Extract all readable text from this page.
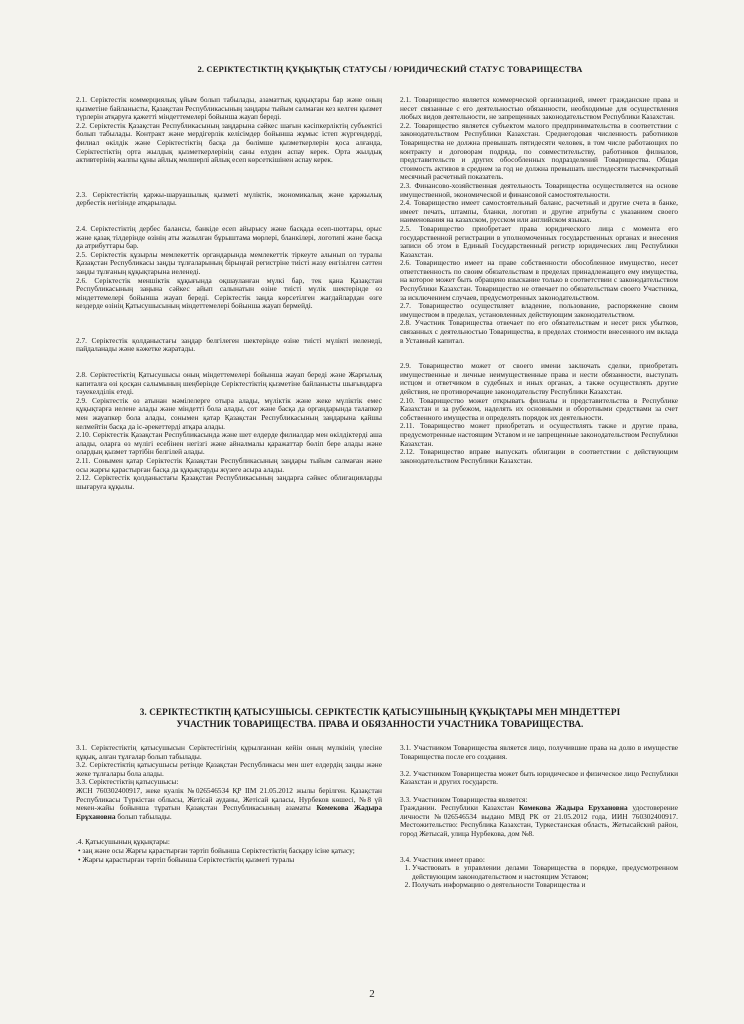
2. СЕРІКТЕСТІКТІҢ ҚҰҚЫҚТЫҚ СТАТУСЫ / ЮРИДИЧЕСКИЙ СТАТУС ТОВАРИЩЕСТВА

2.1. Серіктестік коммерциялық ұйым болып табылады, азаматтық құқықтары бар және оның қызметіне байланысты, Қазақстан Республикасының заңдары тыйым салмаған кез келген қызмет түрлерін атқаруға қажетті міндеттемелері бойынша жауап береді.

2.2. Серіктестік Қазақстан Республикасының заңдарына сәйкес шағын кәсіпкерліктің субъектісі болып табылады. Контракт және мердігерлік келісімдер бойынша жұмыс істеп жүргендерді, филиал өкілдік және Серіктестіктің басқа да бөлімше қызметкерлерін қоса алғанда, Серіктестіктің орта жылдық қызметкерлерінің саны елуден аспау керек. Орта жылдық активтерінің жалпы құны айлық мөлшерлі айлық есеп көрсеткішінен аспау керек.

2.3. Серіктестіктің қаржы-шаруашылық қызметі мүліктік, экономикалық және қаржылық дербестік негізінде атқарылады.

2.4. Серіктестіктің дербес балансы, банкіде есеп айырысу және басқада есеп-шоттары, орыс және қазақ тілдерінде өзінің аты жазылған бұрыштама мөрлері, бланкілері, логотипі және басқа да атрибуттары бар.

2.5. Серіктестік құзырлы мемлекеттік органдарында мемлекеттік тіркеуте алынып ол туралы Қазақстан Республикасы заңды тұлғаларының бірыңғай регистріне тиісті жазу енгізілген сәттен заңды тұлғаның құқықтарына иеленеді.

2.6. Серіктестік меншіктік құқығында оқшауланған мүлкі бар, тек қана Қазақстан Республикасының заңына сәйкес айып салынатын өзіне тиісті мүлік шектерінде өз міндеттемелері бойынша жауап береді. Серіктестік заңда көрсетілген жағдайлардан өзге кездерде өзінің Қатысушысының міндеттемелері бойынша жауап бермейді.

2.7. Серіктестік қолданыстағы заңдар белгілеген шектерінде өзіне тиісті мүлікті иеленеді, пайдаланады және кәжетке жаратады.

2.8. Серіктестіктің Қатысушысы оның міндеттемелері бойынша жауап береді және Жарғылық капиталға өзі қосқан салымының шеңберінде Серіктестіктің қызметіне байланысты шығындарға тәуекелділік етеді.

2.9. Серіктестік өз атынан мәмілелерге отыра алады, мүліктік және жеке мүліктік емес құқықтарға иелене алады және міндетті бола алады, сот және басқа да органдарында талапкер мен жауапкер бола алады, сонымен қатар Қазақстан Республикасының заңдарына қайшы келмейтін басқа да іс-әрекеттерді атқара алады.

2.10. Серіктестік Қазақстан Республикасында және шет елдерде филиалдар мен өкілдіктерді аша алады, оларға өз мүлігі есебінен негізгі және айналмалы қаражаттар бөліп бере алады және олардың қызмет тәртібін белгілей алады.

2.11. Сонымен қатар Серіктестік Қазақстан Республикасының заңдары тыйым салмаған және осы жарғы қарастырған басқа да құқықтарды жүзеге асыра алады.

2.12. Серіктестік қолданыстағы Қазақстан Республикасының заңдарға сәйкес облигацияларды шығаруға құқылы.

2.1. Товарищество является коммерческой организацией, имеет гражданские права и несет связанные с его деятельностью обязанности, необходимые для осуществления любых видов деятельности, не запрещенных законодательством Республики Казахстан.

2.2. Товарищество является субъектом малого предпринимательства в соответствии с законодательством Республики Казахстан. Среднегодовая численность работников Товарищества не должна превышать пятидесяти человек, в том числе работающих по контракту и договорам подряда, по совместительству, работников филиалов, представительств и других обособленных подразделений Товарищества. Общая стоимость активов в среднем за год не должна превышать шестидесяти тысячекратный месячный расчетный показатель.

2.3. Финансово-хозяйственная деятельность Товарищества осуществляется на основе имущественной, экономической и финансовой самостоятельности.

2.4. Товарищество имеет самостоятельный баланс, расчетный и другие счета в банке, имеет печать, штампы, бланки, логотип и другие атрибуты с указанием своего наименования на казахском, русском или английском языках.

2.5. Товарищество приобретает права юридического лица с момента его государственной регистрации в уполномоченных государственных органах и внесения записи об этом в Единый Государственный регистр юридических лиц Республики Казахстан.

2.6. Товарищество имеет на праве собственности обособленное имущество, несет ответственность по своим обязательствам в пределах принадлежащего ему имущества, на которое может быть обращено взыскание только в соответствии с законодательством Республики Казахстан. Товарищество не отвечает по обязательствам своего Участника, за исключением случаев, предусмотренных законодательством.

2.7. Товарищество осуществляет владение, пользование, распоряжение своим имуществом в пределах, установленных действующим законодательством.

2.8. Участник Товарищества отвечает по его обязательствам и несет риск убытков, связанных с деятельностью Товарищества, в пределах стоимости внесенного им вклада в Уставный капитал.

2.9. Товарищество может от своего имени заключать сделки, приобретать имущественные и личные неимущественные права и нести обязанности, выступать истцом и ответчиком в судебных и иных органах, а также осуществлять другие действия, не противоречащие законодательству Республики Казахстан.

2.10. Товарищество может открывать филиалы и представительства в Республике Казахстан и за рубежом, наделять их основными и оборотными средствами за счет собственного имущества и определять порядок их деятельности.

2.11. Товарищество может приобретать и осуществлять также и другие права, предусмотренные настоящим Уставом и не запрещенные законодательством Республики Казахстан.

2.12. Товарищество вправе выпускать облигации в соответствии с действующим законодательством Республики Казахстан.

3. СЕРІКТЕСТІКТІҢ ҚАТЫСУШЫСЫ. СЕРІКТЕСТІК ҚАТЫСУШЫНЫҢ ҚҰҚЫҚТАРЫ МЕН МІНДЕТТЕРІ
УЧАСТНИК ТОВАРИЩЕСТВА. ПРАВА И ОБЯЗАННОСТИ УЧАСТНИКА ТОВАРИЩЕСТВА.

3.1. Серіктестіктің қатысушысын Серіктестігінің құрылғаннан кейін оның мүлкінің үлесіне құқық, алған тұлғалар болып табылады.

3.2. Серіктестіктің қатысушысы ретінде Қазақстан Республикасы мен шет елдердің заңды және жеке тұлғалары бола алады.

3.3. Серіктестіктің қатысушысы:

ЖСН 760302400917, жеке куәлік №026546534 ҚР ІІМ 21.05.2012 жылы берілген. Қазақстан Республикасы Түркістан облысы, Жетісай ауданы, Жетісай қаласы, Нурбеков көшесі, №8 үй мекен-жайы бойынша тұратын Қазақстан Республикасының азаматы Комекова Жадыра Ерұхановна болып табылады.

.4. Қатысушының құқықтары:

• заң және осы Жарғы қарастырған тәртіп бойынша Серіктестіктің басқару ісіне қатысу;
• Жарғы қарастырған тәртіп бойынша Серіктестіктің қызметі туралы

3.1. Участником Товарищества является лицо, получившие права на долю в имуществе Товарищества после его создания.

3.2. Участником Товарищества может быть юридическое и физическое лицо Республики Казахстан и других государств.

3.3. Участником Товарищества является:

Гражданин. Республики Казахстан Комекова Жадыра Ерухановна удостоверение личности №026546534 выдано МВД РК от 21.05.2012 года, ИИН 760302400917. Местожительство: Республика Казахстан, Туркестанская область, Жетысайский район, город Жетысай, улица Нурбекова, дом №8.

3.4. Участник имеет право:

1. Участвовать в управлении делами Товарищества в порядке, предусмотренном действующим законодательством и настоящим Уставом;
2. Получать информацию о деятельности Товарищества и
2
